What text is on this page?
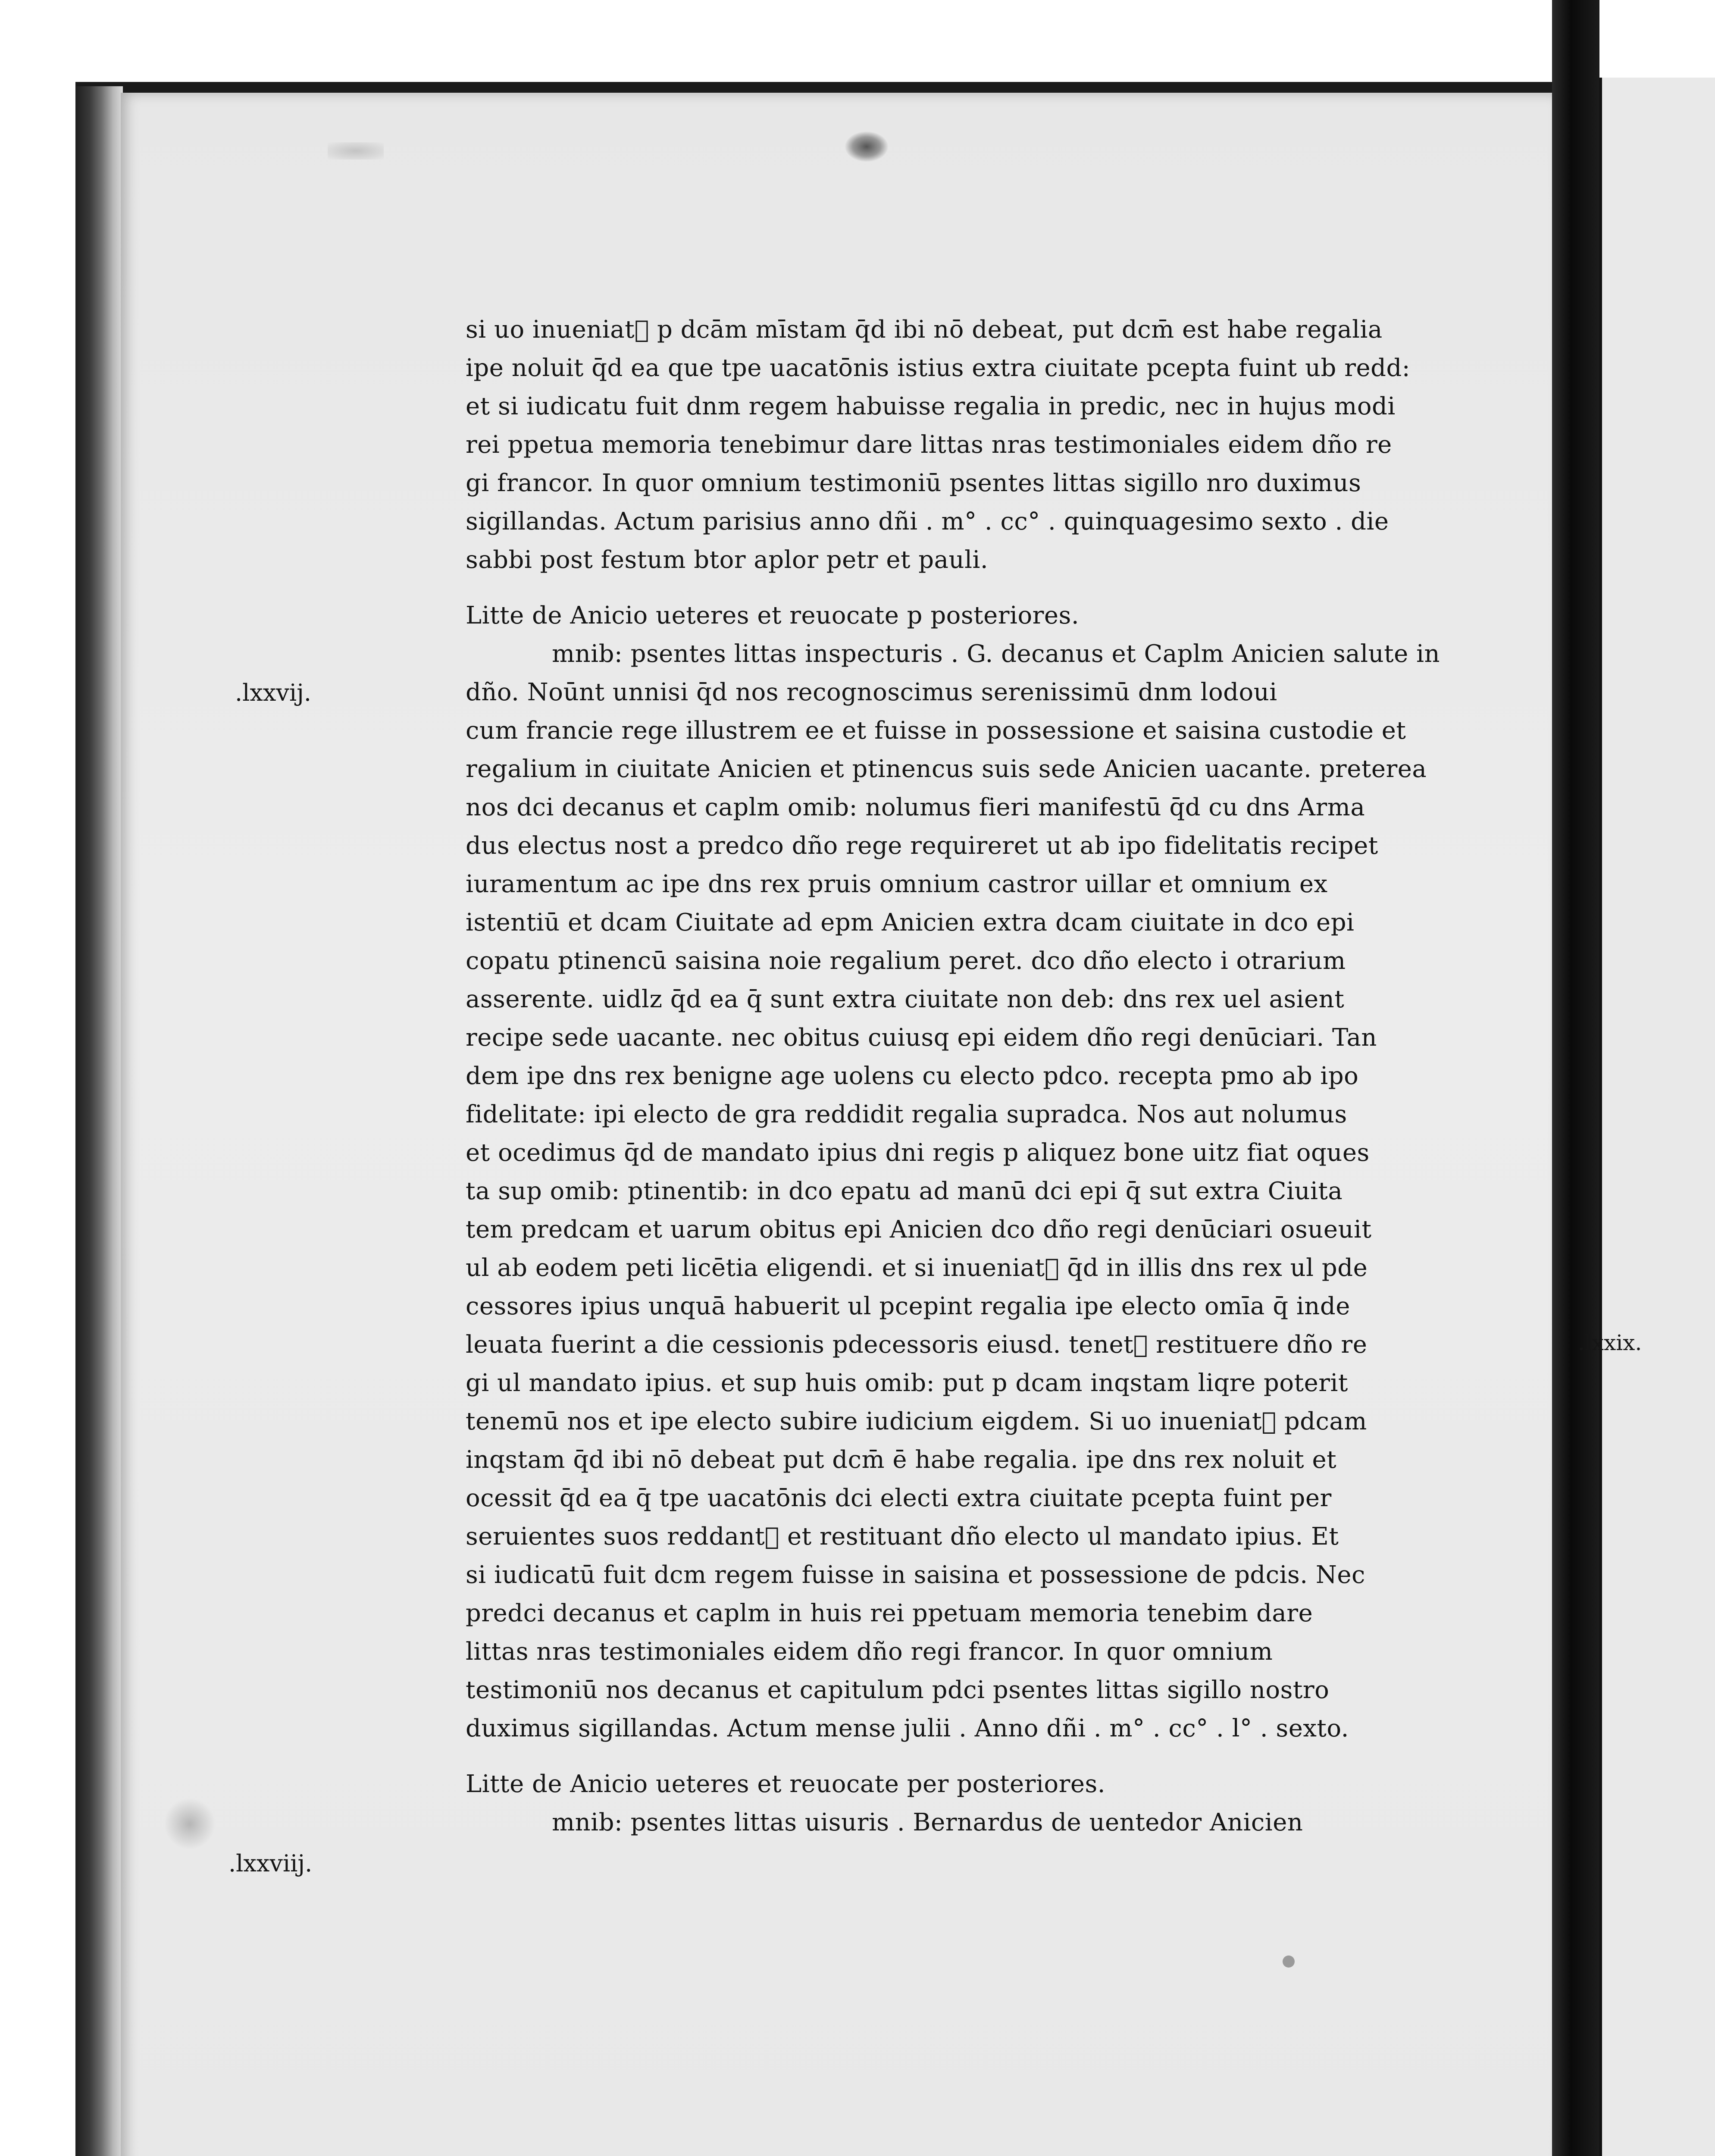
si uo inueniat᷑ p dcām mīstam q̄d ibi nō debeat, put dcm̄ est habe regalia
ipe noluit q̄d ea que tpe uacatōnis istius extra ciuitate pcepta fuint ub redd:
et si iudicatu fuit dnm regem habuisse regalia in predic, nec in hujus modi
rei ppetua memoria tenebimur dare littas nras testimoniales eidem dño re
gi francor. In quor omnium testimoniū psentes littas sigillo nro duximus
sigillandas. Actum parisius anno dñi . m° . cc° . quinquagesimo sexto . die
sabbi post festum btor aplor petr et pauli.
Litte de Anicio ueteres et reuocate p posteriores.
mnib: psentes littas inspecturis . G. decanus et Caplm Anicien salute in
dño. Noūnt unnisi q̄d nos recognoscimus serenissimū dnm lodoui
cum francie rege illustrem ee et fuisse in possessione et saisina custodie et
regalium in ciuitate Anicien et ptinencus suis sede Anicien uacante. preterea
nos dci decanus et caplm omib: nolumus fieri manifestū q̄d cu dns Arma
dus electus nost a predco dño rege requireret ut ab ipo fidelitatis recipet
iuramentum ac ipe dns rex pruis omnium castror uillar et omnium ex
istentiū et dcam Ciuitate ad epm Anicien extra dcam ciuitate in dco epi
copatu ptinencū saisina noie regalium peret. dco dño electo i otrarium
asserente. uidlz q̄d ea q̄ sunt extra ciuitate non deb: dns rex uel asient
recipe sede uacante. nec obitus cuiusq epi eidem dño regi denūciari. Tan
dem ipe dns rex benigne age uolens cu electo pdco. recepta pmo ab ipo
fidelitate: ipi electo de gra reddidit regalia supradca. Nos aut nolumus
et ocedimus q̄d de mandato ipius dni regis p aliquez bone uitz fiat oques
ta sup omib: ptinentib: in dco epatu ad manū dci epi q̄ sut extra Ciuita
tem predcam et uarum obitus epi Anicien dco dño regi denūciari osueuit
ul ab eodem peti licētia eligendi. et si inueniat᷑ q̄d in illis dns rex ul pde
cessores ipius unquā habuerit ul pcepint regalia ipe electo omīa q̄ inde
leuata fuerint a die cessionis pdecessoris eiusd. tenet᷑ restituere dño re
gi ul mandato ipius. et sup huis omib: put p dcam inqstam liqre poterit
tenemū nos et ipe electo subire iudicium eigdem. Si uo inueniat᷑ pdcam
inqstam q̄d ibi nō debeat put dcm̄ ē habe regalia. ipe dns rex noluit et
ocessit q̄d ea q̄ tpe uacatōnis dci electi extra ciuitate pcepta fuint per
seruientes suos reddant᷑ et restituant dño electo ul mandato ipius. Et
si iudicatū fuit dcm regem fuisse in saisina et possessione de pdcis. Nec
predci decanus et caplm in huis rei ppetuam memoria tenebim dare
littas nras testimoniales eidem dño regi francor. In quor omnium
testimoniū nos decanus et capitulum pdci psentes littas sigillo nostro
duximus sigillandas. Actum mense julii . Anno dñi . m° . cc° . l° . sexto.
Litte de Anicio ueteres et reuocate per posteriores.
mnib: psentes littas uisuris . Bernardus de uentedor Anicien
.lxxvij.
.lxxix.
.lxxviij.
